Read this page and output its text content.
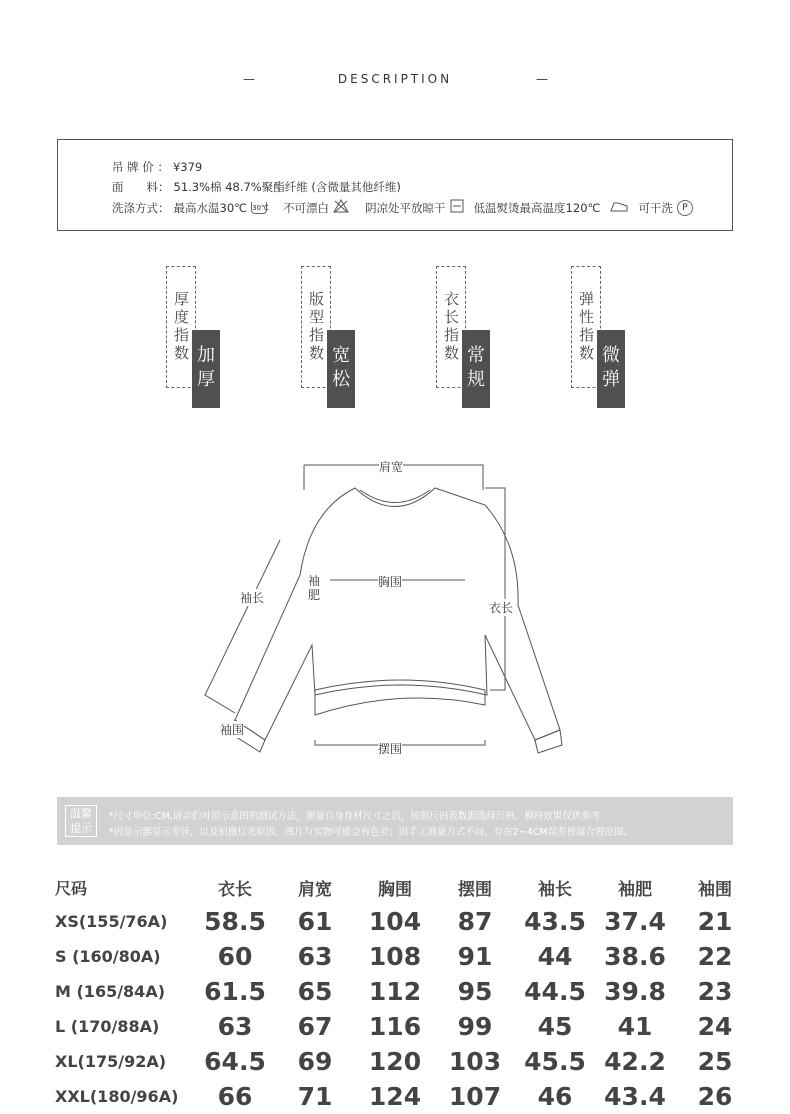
—	DESCRIPTION	—
吊 牌 价 ： ¥379
面　　料： 51.3%棉 48.7%聚酯纤维 (含微量其他纤维)
洗涤方式： 最高水温30℃ 30℃ 不可漂白	阴凉处平放晾干 低温熨烫最高温度120℃	可干洗	P
厚度指数 加厚
版型指数 宽松
衣长指数 常规
弹性指数 微弹
肩宽
胸围
袖肥
袖长
衣长
袖围
摆围
温馨
提示
*尺寸单位:CM,请亲们对照示意图的测试方法，测量自身身材尺寸之后，按照尺码表数据选择尺码，模特效果仅供参考
*因显示器显示差异，以及拍摄灯光原因，图片与实物可能会有色差；因手工测量方式不同，存在2~4CM误差皆属合理范围。
尺码	衣长	肩宽	胸围	摆围	袖长	袖肥	袖围
XS(155/76A)	58.5	61	104	87	43.5	37.4	21
S (160/80A)	60	63	108	91	44	38.6	22
M (165/84A)	61.5	65	112	95	44.5	39.8	23
L (170/88A)	63	67	116	99	45	41	24
XL(175/92A)	64.5	69	120	103	45.5	42.2	25
XXL(180/96A)	66	71	124	107	46	43.4	26
